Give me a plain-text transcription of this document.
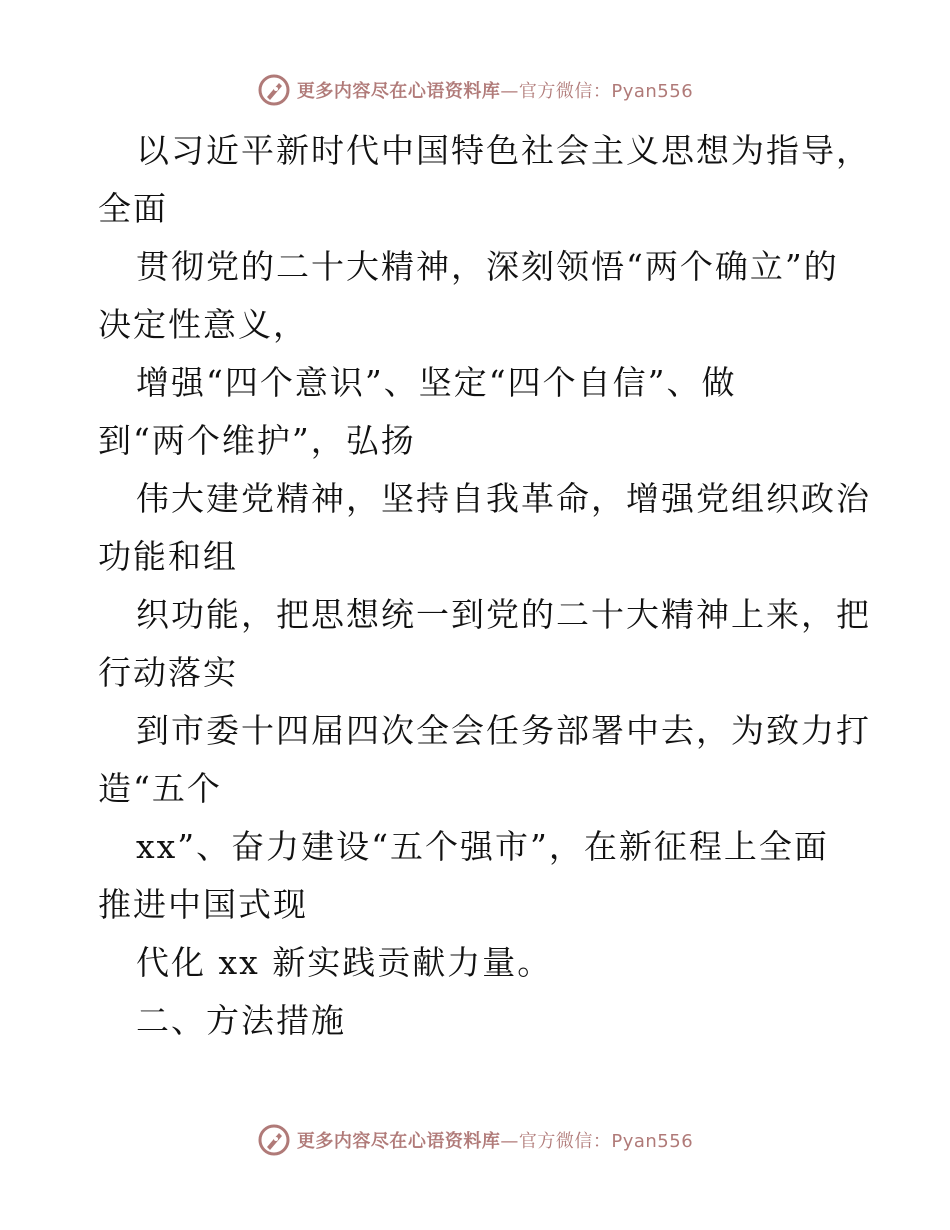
更多内容尽在心语资料库—官方微信：Pyan556
以习近平新时代中国特色社会主义思想为指导，
全面
贯彻党的二十大精神，深刻领悟“两个确立”的
决定性意义，
增强“四个意识”、坚定“四个自信”、做
到“两个维护”，弘扬
伟大建党精神，坚持自我革命，增强党组织政治
功能和组
织功能，把思想统一到党的二十大精神上来，把
行动落实
到市委十四届四次全会任务部署中去，为致力打
造“五个
xx”、奋力建设“五个强市”，在新征程上全面
推进中国式现
代化 xx 新实践贡献力量。
二、方法措施
更多内容尽在心语资料库—官方微信：Pyan556
